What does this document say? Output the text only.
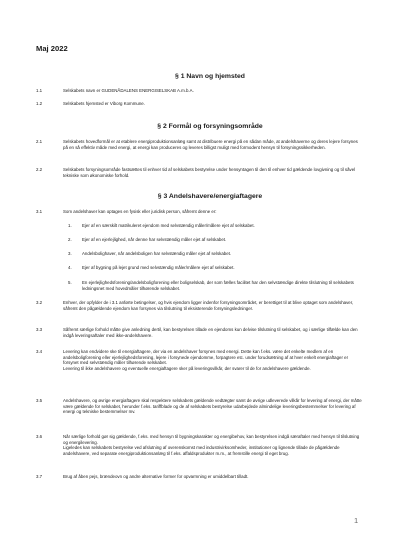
Maj 2022
§ 1 Navn og hjemsted
1.1	Selskabets navn er GUDENÅDALENS ENERGISELSKAB A.m.b.A.
1.2	Selskabets hjemsted er Viborg Kommune.
§ 2 Formål og forsyningsområde
2.1	Selskabets hovedformål er at etablere energiproduktionsanlæg samt at distribuere energi på en sådan måde, at andelshaverne og deres lejere forsynes på en så effektiv måde med energi, at energi kan produceres og leveres billigst muligt med formodent hensyn til forsyningssikkerheden.
2.2	Selskabets forsyningsområde fastsættes til enhver tid af selskabets bestyrelse under hensyntagen til den til enhver tid gældende lovgivning og til såvel tekniske som økonomiske forhold.
§ 3 Andelshavere/energiaftagere
3.1	Som andelshaver kan optages en fysisk eller juridisk person, såfremt denne er:
1. Ejer af en særskilt matrikuleret ejendom med selvstændig måler/målere ejet af selskabet.
2. Ejer af en ejerlejlighed, når denne har selvstændig måler ejet af selskabet.
3. Andelsbolighaver, når andelsboligen har selvstændig måler ejet af selskabet.
4. Ejer af bygning på lejet grund med selvstændig måler/målere ejet af selskabet.
5. En ejerlejlighedsforening/andelsboligforening eller boligselskab, der som fælles facilitet har den selvstændige direkte tilslutning til selskabets ledningsnet med hovedmåler tilhørende selskabet.
3.2	Enhver, der opfylder de i 3.1 anførte betingelser, og hvis ejendom ligger indenfor forsyningsområdet, er berettiget til at blive optaget som andelshaver, såfremt den pågældende ejendom kan forsynes via tilslutning til eksisterende forsyningsledninger.
3.3	Såfremt særlige forhold måtte give anledning dertil, kan bestyrelsen tillade en ejendoms kun delvise tilslutning til selskabet, og i særlige tilfælde kan den indgå leveringsaftaler med ikke-andelshavere.
3.4	Levering kan endvidere ske til energiaftagere, der via en andelshaver forsynes med energi. Dette kan f.eks. være det enkelte medlem af en andelsboligforening eller ejerlejlighedsforening, lejere i forsynede ejendomme, forpagtere etc. under forudsætning af at hver enkelt energiaftager er forsynet med selvstændig måler tilhørende selskabet.
Levering til ikke andelshavere og eventuelle energiaftagere sker på leveringsvilkår, der svarer til de for andelshavere gældende.
3.5	Andelshavere, og øvrige energiaftagere skal respektere selskabets gældende vedtægter samt de øvrige udleverede vilkår for levering af energi, der måtte være gældende for selskabet, herunder f.eks. tariffblade og de af selskabets bestyrelse udarbejdede almindelige leveringsbestemmelser for levering af energi og tekniske bestemmelser mv.
3.6	Når særlige forhold gør sig gældende, f.eks. med hensyn til bygningskarakter og energibehov, kan bestyrelsen indgå særaftaler med hensyn til tilslutning og energilevering.
Ligeledes kan selskabets bestyrelse ved afslutning af overenskomst med industrivirksomheder, institutioner og lignende tillade de pågældende andelshavere, ved separate energiproduktionsanlæg til f.eks. affaldsprodukter m.m., at fremstille energi til eget brug.
3.7	Brug af åben pejs, brændeovn og andre alternative former for opvarmning er umiddelbart tilladt.
1
